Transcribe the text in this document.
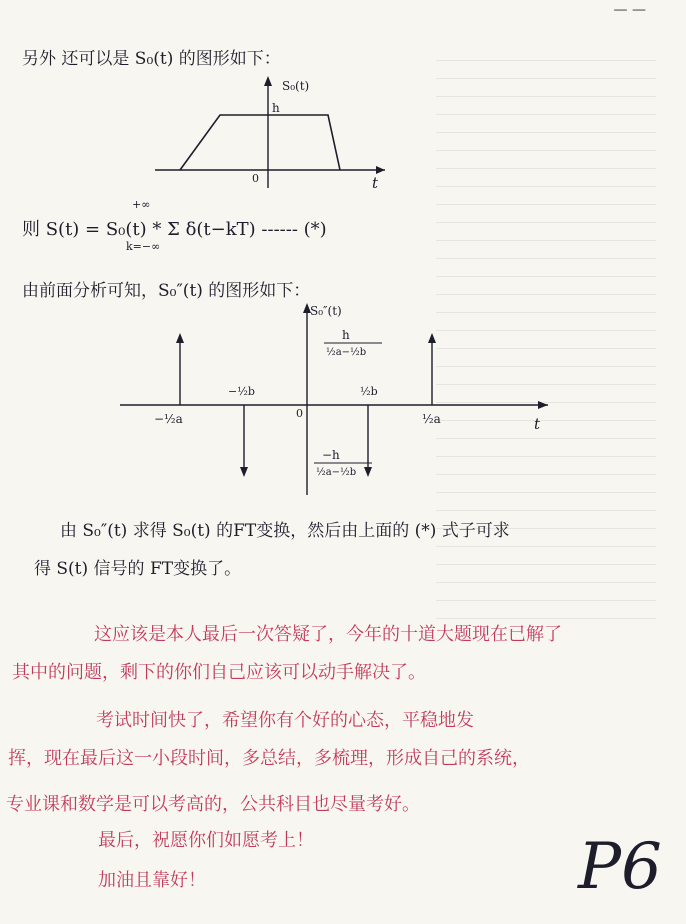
— —
另外 还可以是 S₀(t) 的图形如下：
S₀(t)
h
0	t
则 S(t) = S₀(t) * Σ δ(t−kT) ------ (*)
+∞
k=−∞
由前面分析可知，S₀″(t) 的图形如下：
S₀″(t)
h
½a−½b
−h
½a−½b
−½a
−½b	½b
½a
0
t
由 S₀″(t) 求得 S₀(t) 的FT变换，然后由上面的 (*) 式子可求
得 S(t) 信号的 FT变换了。
这应该是本人最后一次答疑了，今年的十道大题现在已解了
其中的问题，剩下的你们自己应该可以动手解决了。
考试时间快了，希望你有个好的心态，平稳地发
挥，现在最后这一小段时间，多总结，多梳理，形成自己的系统，
专业课和数学是可以考高的，公共科目也尽量考好。
最后，祝愿你们如愿考上！
加油且靠好！	P6
